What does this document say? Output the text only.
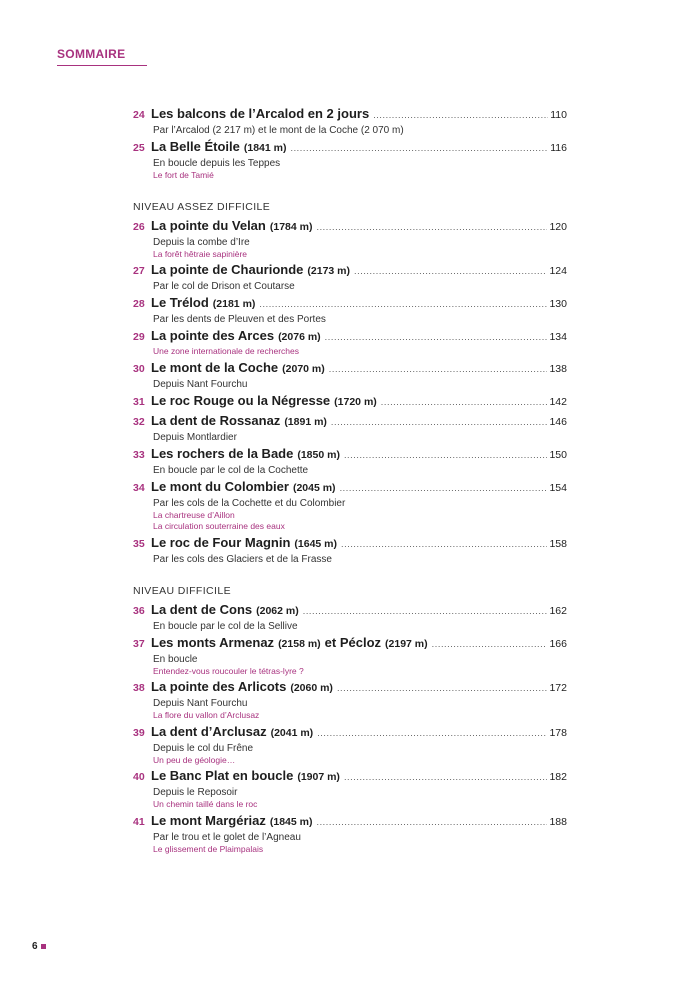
SOMMAIRE
24 Les balcons de l’Arcalod en 2 jours .....	110
Par l’Arcalod (2 217 m) et le mont de la Coche (2 070 m)
25 La Belle Étoile (1841 m) .....	116
En boucle depuis les Teppes
Le fort de Tamié
NIVEAU ASSEZ DIFFICILE
26 La pointe du Velan (1784 m) .....	120
Depuis la combe d’Ire
La forêt hêtraie sapinière
27 La pointe de Chaurionde (2173 m) .....	124
Par le col de Drison et Coutarse
28 Le Trélod (2181 m) .....	130
Par les dents de Pleuven et des Portes
29 La pointe des Arces (2076 m) .....	134
Une zone internationale de recherches
30 Le mont de la Coche (2070 m) .....	138
Depuis Nant Fourchu
31 Le roc Rouge ou la Négresse (1720 m) .....	142
32 La dent de Rossanaz (1891 m) .....	146
Depuis Montlardier
33 Les rochers de la Bade (1850 m) .....	150
En boucle par le col de la Cochette
34 Le mont du Colombier (2045 m) .....	154
Par les cols de la Cochette et du Colombier
La chartreuse d’Aillon
La circulation souterraine des eaux
35 Le roc de Four Magnin (1645 m) .....	158
Par les cols des Glaciers et de la Frasse
NIVEAU DIFFICILE
36 La dent de Cons (2062 m) .....	162
En boucle par le col de la Sellive
37 Les monts Armenaz (2158 m) et Pécloz (2197 m) .....	166
En boucle
Entendez-vous roucouler le tétras-lyre ?
38 La pointe des Arlicots (2060 m) .....	172
Depuis Nant Fourchu
La flore du vallon d’Arclusaz
39 La dent d’Arclusaz (2041 m) .....	178
Depuis le col du Frêne
Un peu de géologie…
40 Le Banc Plat en boucle (1907 m) .....	182
Depuis le Reposoir
Un chemin taillé dans le roc
41 Le mont Margériaz (1845 m) .....	188
Par le trou et le golet de l’Agneau
Le glissement de Plaimpalais
6
